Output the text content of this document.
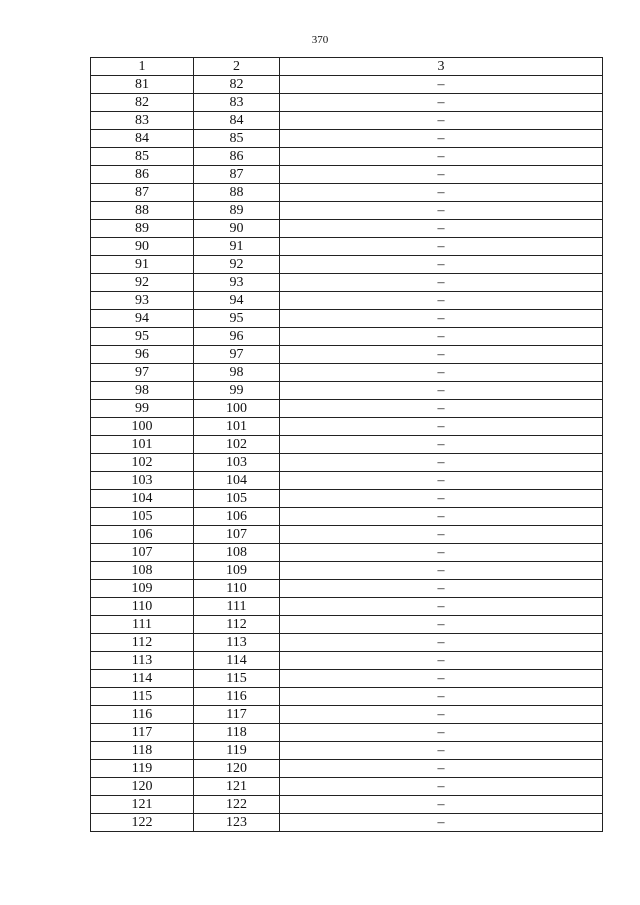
370
1	2	3
81	82	–
82	83	–
83	84	–
84	85	–
85	86	–
86	87	–
87	88	–
88	89	–
89	90	–
90	91	–
91	92	–
92	93	–
93	94	–
94	95	–
95	96	–
96	97	–
97	98	–
98	99	–
99	100	–
100	101	–
101	102	–
102	103	–
103	104	–
104	105	–
105	106	–
106	107	–
107	108	–
108	109	–
109	110	–
110	111	–
111	112	–
112	113	–
113	114	–
114	115	–
115	116	–
116	117	–
117	118	–
118	119	–
119	120	–
120	121	–
121	122	–
122	123	–
